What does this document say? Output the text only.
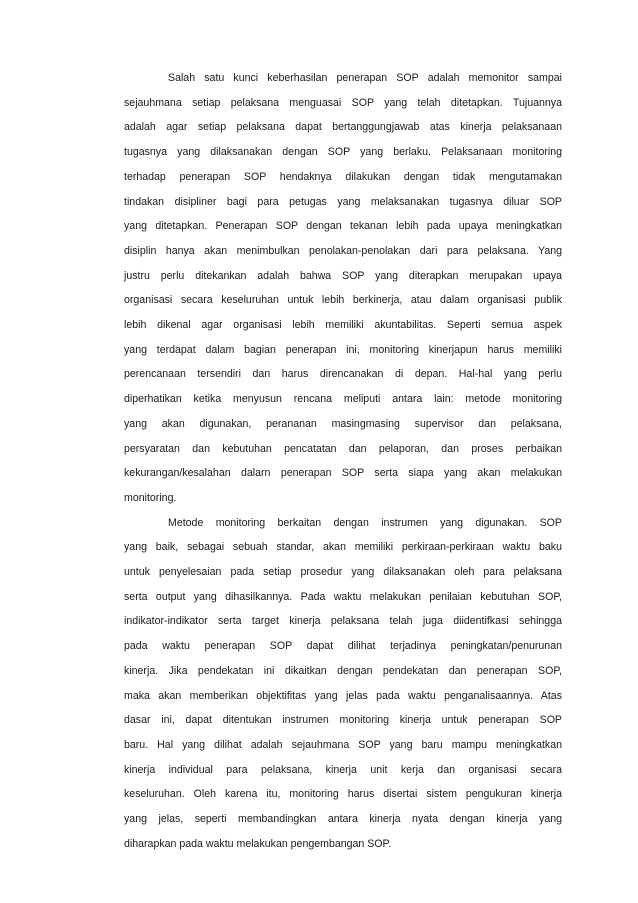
Salah satu kunci keberhasilan penerapan SOP adalah memonitor sampai
sejauhmana setiap pelaksana menguasai SOP yang telah ditetapkan. Tujuannya
adalah agar setiap pelaksana dapat bertanggungjawab atas kinerja pelaksanaan
tugasnya yang dilaksanakan dengan SOP yang berlaku. Pelaksanaan monitoring
terhadap penerapan SOP hendaknya dilakukan dengan tidak mengutamakan
tindakan disipliner bagi para petugas yang melaksanakan tugasnya diluar SOP
yang ditetapkan. Penerapan SOP dengan tekanan lebih pada upaya meningkatkan
disiplin hanya akan menimbulkan penolakan-penolakan dari para pelaksana. Yang
justru perlu ditekankan adalah bahwa SOP yang diterapkan merupakan upaya
organisasi secara keseluruhan untuk lebih berkinerja, atau dalam organisasi publik
lebih dikenal agar organisasi lebih memiliki akuntabilitas. Seperti semua aspek
yang terdapat dalam bagian penerapan ini, monitoring kinerjapun harus memiliki
perencanaan tersendiri dan harus direncanakan di depan. Hal-hal yang perlu
diperhatikan ketika menyusun rencana meliputi antara lain: metode monitoring
yang akan digunakan, perananan masingmasing supervisor dan pelaksana,
persyaratan dan kebutuhan pencatatan dan pelaporan, dan proses perbaikan
kekurangan/kesalahan dalarn penerapan SOP serta siapa yang akan melakukan
monitoring.
Metode monitoring berkaitan dengan instrumen yang digunakan. SOP
yang baik, sebagai sebuah standar, akan memiliki perkiraan-perkiraan waktu baku
untuk penyelesaian pada setiap prosedur yang dilaksanakan oleh para pelaksana
serta output yang dihasilkannya. Pada waktu melakukan penilaian kebutuhan SOP,
indikator-indikator serta target kinerja pelaksana telah juga diidentifkasi sehingga
pada waktu penerapan SOP dapat dilihat terjadinya peningkatan/penurunan
kinerja. Jika pendekatan ini dikaitkan dengan pendekatan dan penerapan SOP,
maka akan memberikan objektifitas yang jelas pada waktu penganalisaannya. Atas
dasar ini, dapat ditentukan instrumen monitoring kinerja untuk penerapan SOP
baru. Hal yang dilihat adalah sejauhmana SOP yang baru mampu meningkatkan
kinerja individual para pelaksana, kinerja unit kerja dan organisasi secara
keseluruhan. Oleh karena itu, monitoring harus disertai sistem pengukuran kinerja
yang jelas, seperti membandingkan antara kinerja nyata dengan kinerja yang
diharapkan pada waktu melakukan pengembangan SOP.
